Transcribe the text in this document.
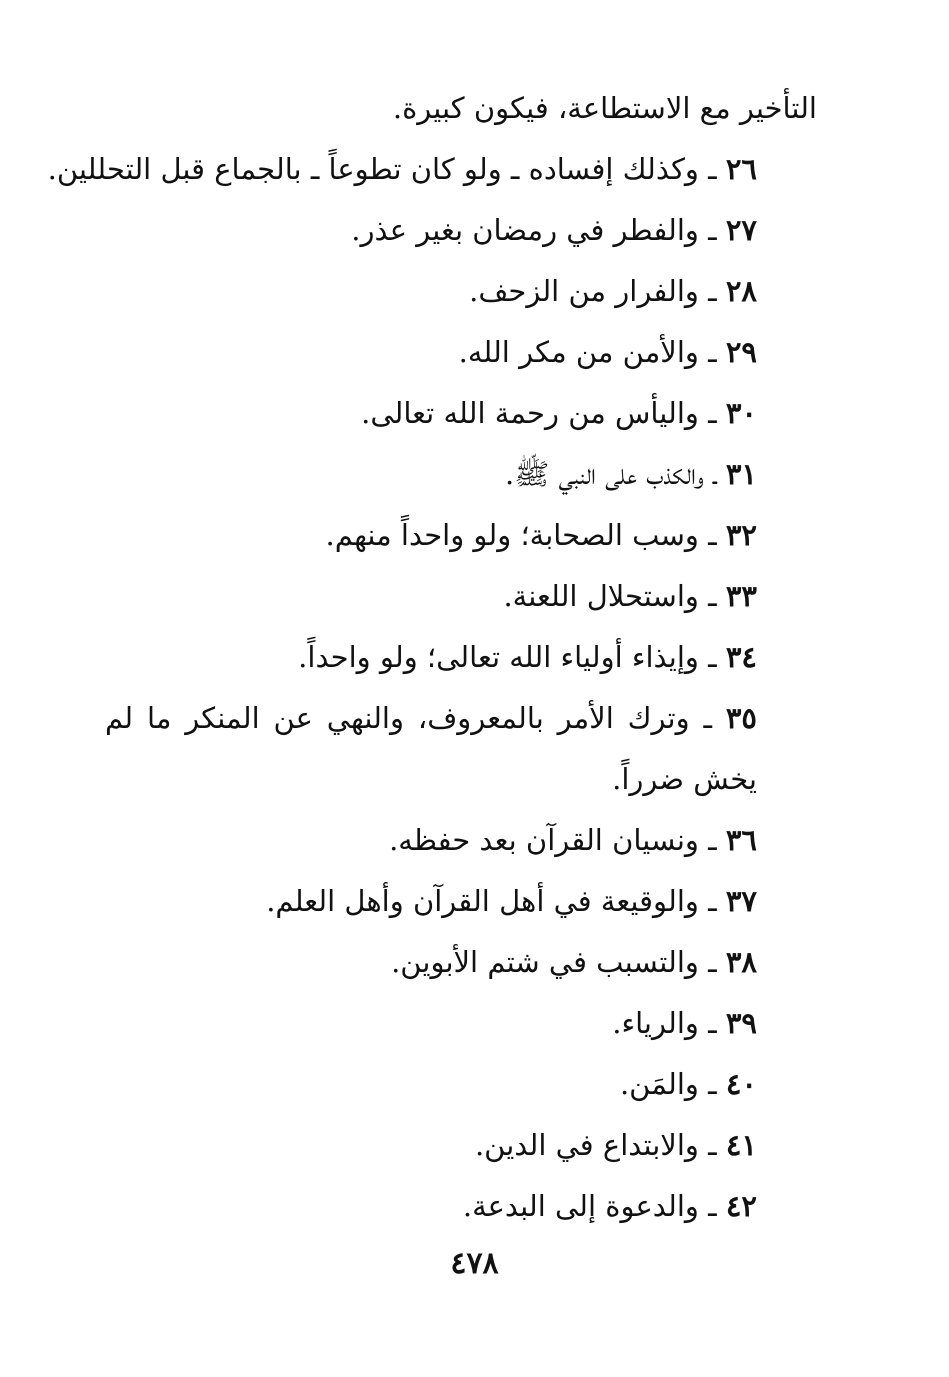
التأخير مع الاستطاعة، فيكون كبيرة.

٢٦ ـ وكذلك إفساده ـ ولو كان تطوعاً ـ بالجماع قبل التحللين.

٢٧ ـ والفطر في رمضان بغير عذر.

٢٨ ـ والفرار من الزحف.

٢٩ ـ والأمن من مكر الله.

٣٠ ـ واليأس من رحمة الله تعالى.

٣١ ـ والكذب على النبي ﷺ.

٣٢ ـ وسب الصحابة؛ ولو واحداً منهم.

٣٣ ـ واستحلال اللعنة.

٣٤ ـ وإيذاء أولياء الله تعالى؛ ولو واحداً.

٣٥ ـ وترك الأمر بالمعروف، والنهي عن المنكر ما لم يخش ضرراً.

٣٦ ـ ونسيان القرآن بعد حفظه.

٣٧ ـ والوقيعة في أهل القرآن وأهل العلم.

٣٨ ـ والتسبب في شتم الأبوين.

٣٩ ـ والرياء.

٤٠ ـ والمَن.

٤١ ـ والابتداع في الدين.

٤٢ ـ والدعوة إلى البدعة.

٤٧٨
